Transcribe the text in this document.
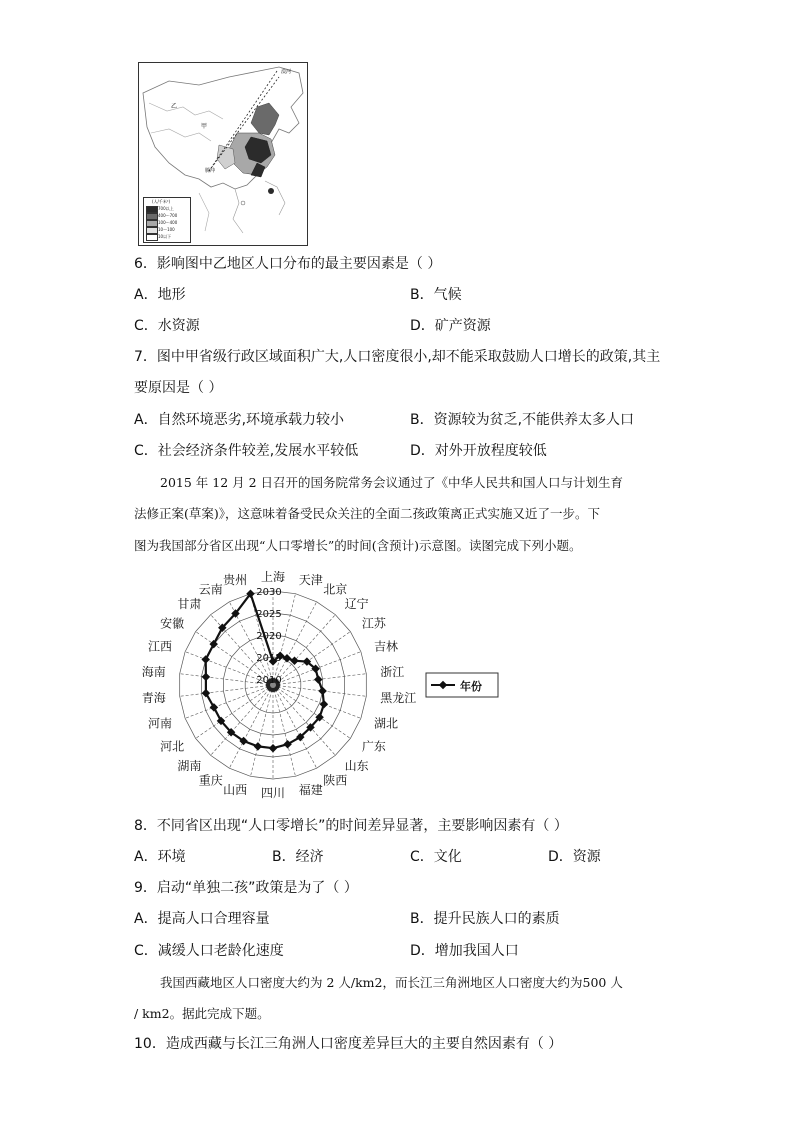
甲
乙
漠河
腾冲
(人/千米²)
700以上
400～700
100～400
10～100
10以下
6．影响图中乙地区人口分布的最主要因素是（ ）
A．地形	B．气候
C．水资源	D．矿产资源
7．图中甲省级行政区域面积广大,人口密度很小,却不能采取鼓励人口增长的政策,其主
要原因是（ ）
A．自然环境恶劣,环境承载力较小	B．资源较为贫乏,不能供养太多人口
C．社会经济条件较差,发展水平较低	D．对外开放程度较低
2015 年 12 月 2 日召开的国务院常务会议通过了《中华人民共和国人口与计划生育
法修正案(草案)》，这意味着备受民众关注的全面二孩政策离正式实施又近了一步。下
图为我国部分省区出现“人口零增长”的时间(含预计)示意图。读图完成下列小题。
上海 天津
北京
辽宁
江苏
吉林
浙江
黑龙江
湖北
广东
山东
陕西
福建
四川
山西
重庆
湖南
河北
河南
青海
海南
江西
安徽
甘肃
云南
贵州
2010
2015
2020
2025
2030
年份
8．不同省区出现“人口零增长”的时间差异显著，主要影响因素有（ ）
A．环境	B．经济	C．文化	D．资源
9．启动“单独二孩”政策是为了（ ）
A．提高人口合理容量	B．提升民族人口的素质
C．减缓人口老龄化速度	D．增加我国人口
我国西藏地区人口密度大约为 2 人/km2，而长江三角洲地区人口密度大约为500 人
/ km2。据此完成下题。
10．造成西藏与长江三角洲人口密度差异巨大的主要自然因素有（ ）
